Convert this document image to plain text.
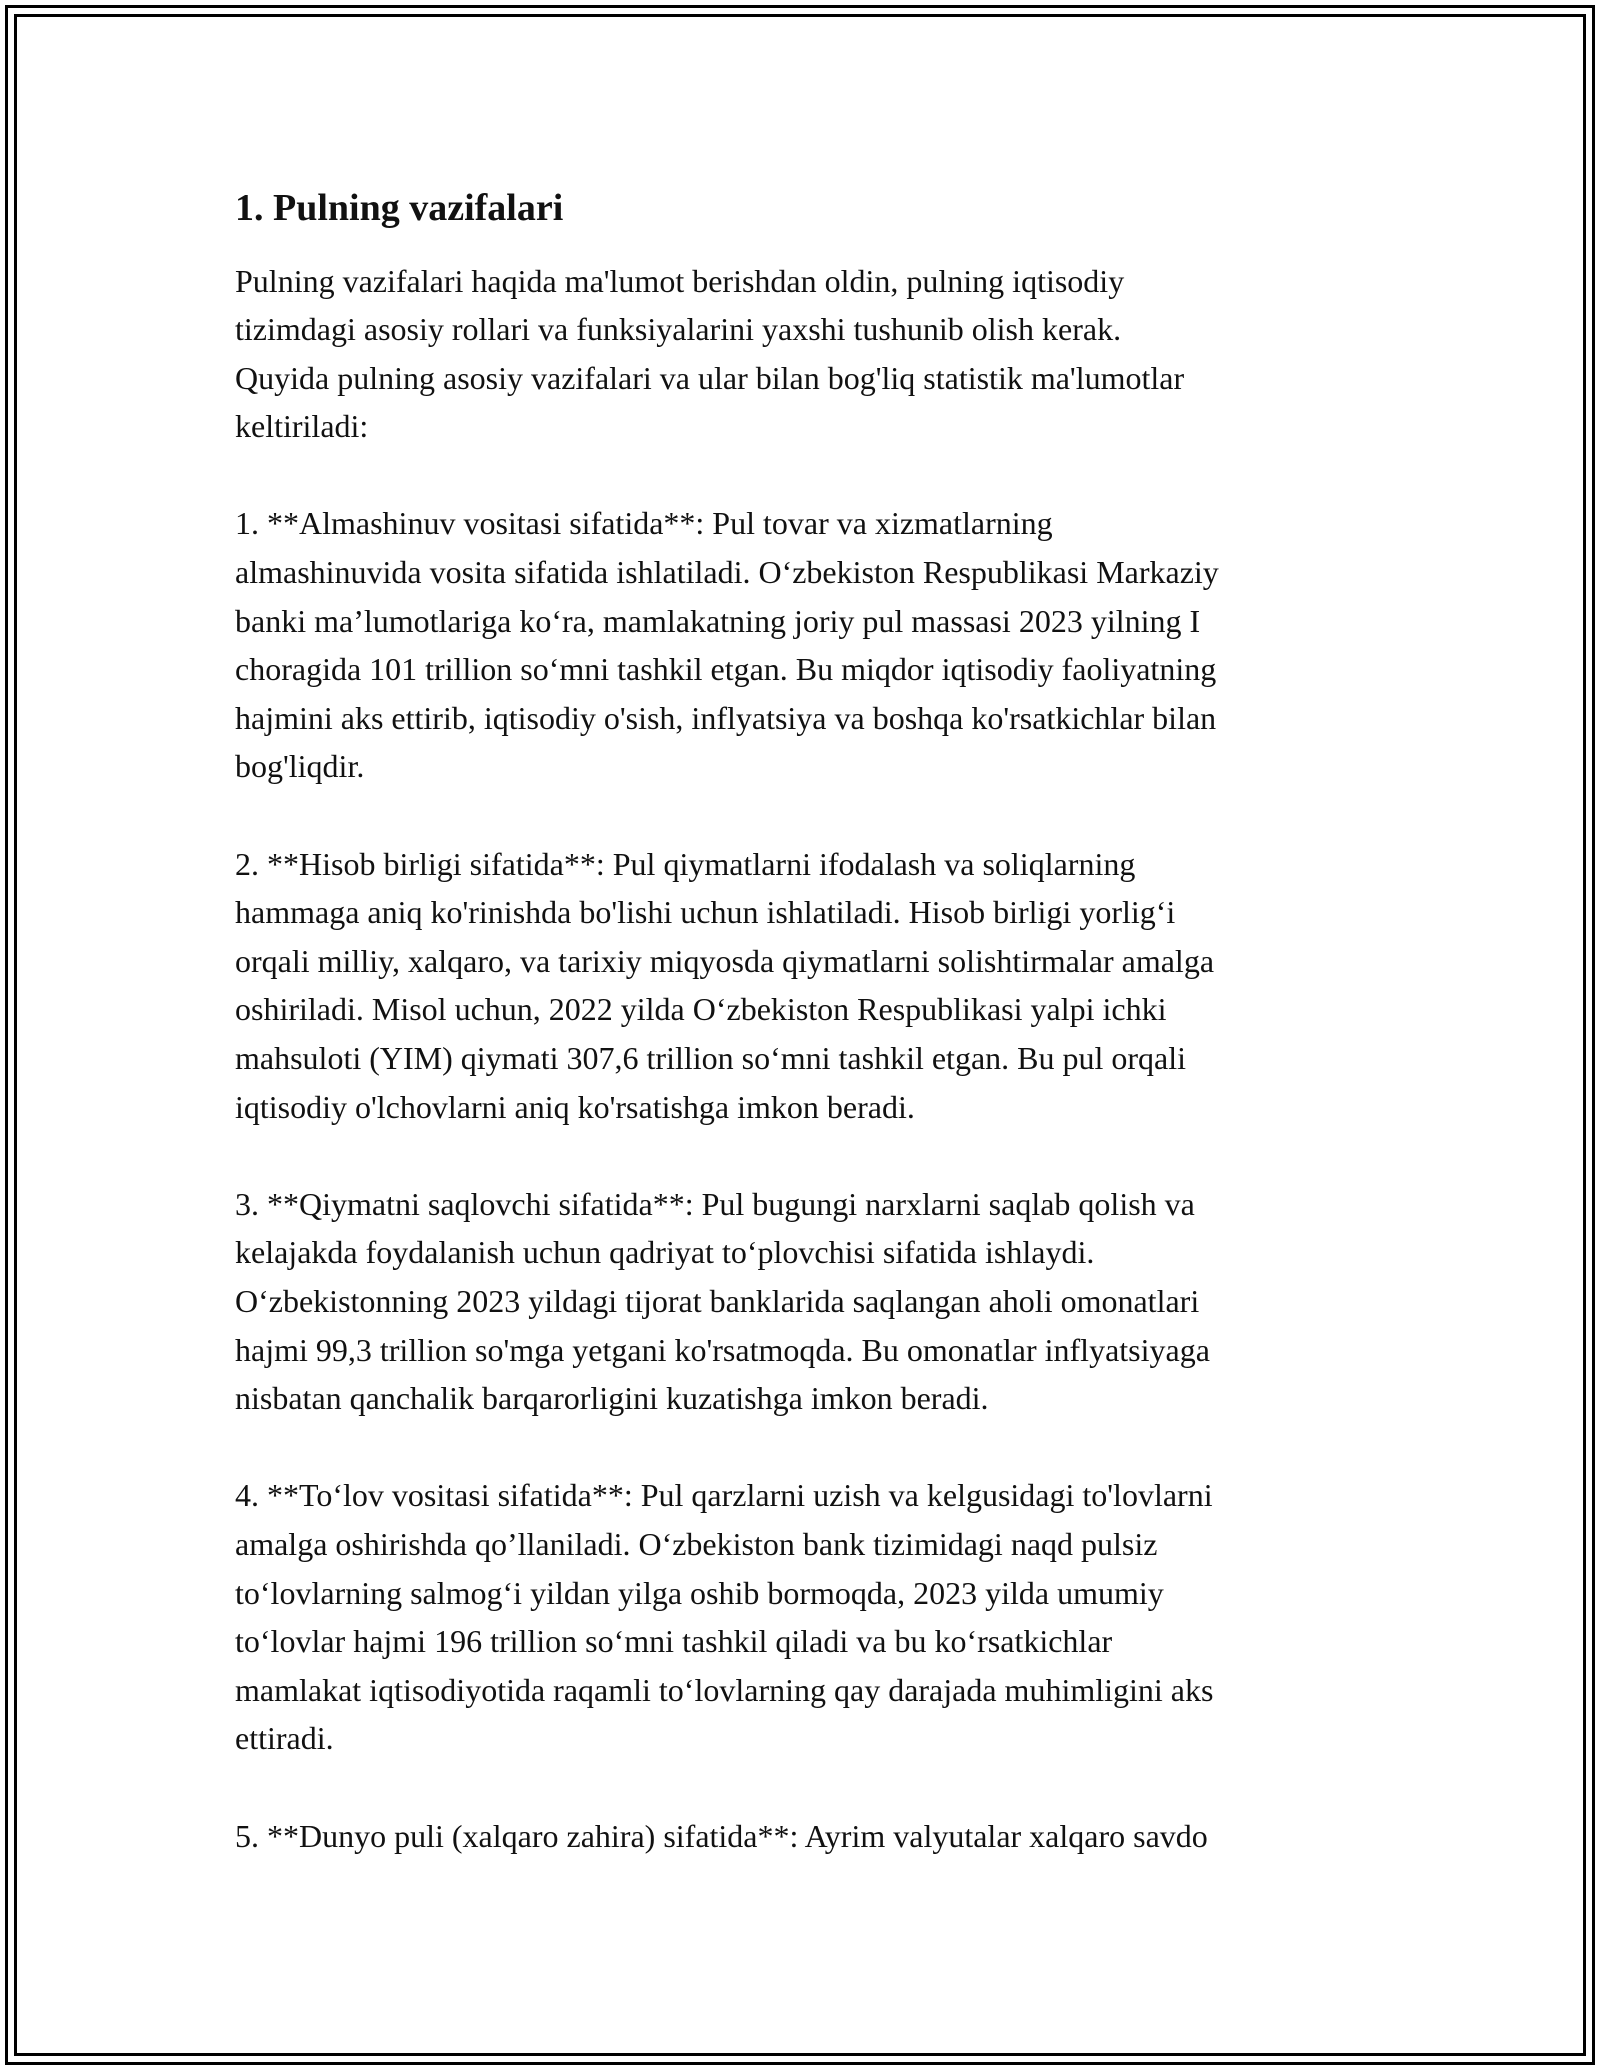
1. Pulning vazifalari

Pulning vazifalari haqida ma'lumot berishdan oldin, pulning iqtisodiy
tizimdagi asosiy rollari va funksiyalarini yaxshi tushunib olish kerak.
Quyida pulning asosiy vazifalari va ular bilan bog'liq statistik ma'lumotlar
keltiriladi:

1. **Almashinuv vositasi sifatida**: Pul tovar va xizmatlarning
almashinuvida vosita sifatida ishlatiladi. O‘zbekiston Respublikasi Markaziy
banki ma’lumotlariga ko‘ra, mamlakatning joriy pul massasi 2023 yilning I
choragida 101 trillion so‘mni tashkil etgan. Bu miqdor iqtisodiy faoliyatning
hajmini aks ettirib, iqtisodiy o'sish, inflyatsiya va boshqa ko'rsatkichlar bilan
bog'liqdir.

2. **Hisob birligi sifatida**: Pul qiymatlarni ifodalash va soliqlarning
hammaga aniq ko'rinishda bo'lishi uchun ishlatiladi. Hisob birligi yorlig‘i
orqali milliy, xalqaro, va tarixiy miqyosda qiymatlarni solishtirmalar amalga
oshiriladi. Misol uchun, 2022 yilda O‘zbekiston Respublikasi yalpi ichki
mahsuloti (YIM) qiymati 307,6 trillion so‘mni tashkil etgan. Bu pul orqali
iqtisodiy o'lchovlarni aniq ko'rsatishga imkon beradi.

3. **Qiymatni saqlovchi sifatida**: Pul bugungi narxlarni saqlab qolish va
kelajakda foydalanish uchun qadriyat to‘plovchisi sifatida ishlaydi.
O‘zbekistonning 2023 yildagi tijorat banklarida saqlangan aholi omonatlari
hajmi 99,3 trillion so'mga yetgani ko'rsatmoqda. Bu omonatlar inflyatsiyaga
nisbatan qanchalik barqarorligini kuzatishga imkon beradi.

4. **To‘lov vositasi sifatida**: Pul qarzlarni uzish va kelgusidagi to'lovlarni
amalga oshirishda qo’llaniladi. O‘zbekiston bank tizimidagi naqd pulsiz
to‘lovlarning salmog‘i yildan yilga oshib bormoqda, 2023 yilda umumiy
to‘lovlar hajmi 196 trillion so‘mni tashkil qiladi va bu ko‘rsatkichlar
mamlakat iqtisodiyotida raqamli to‘lovlarning qay darajada muhimligini aks
ettiradi.

5. **Dunyo puli (xalqaro zahira) sifatida**: Ayrim valyutalar xalqaro savdo
